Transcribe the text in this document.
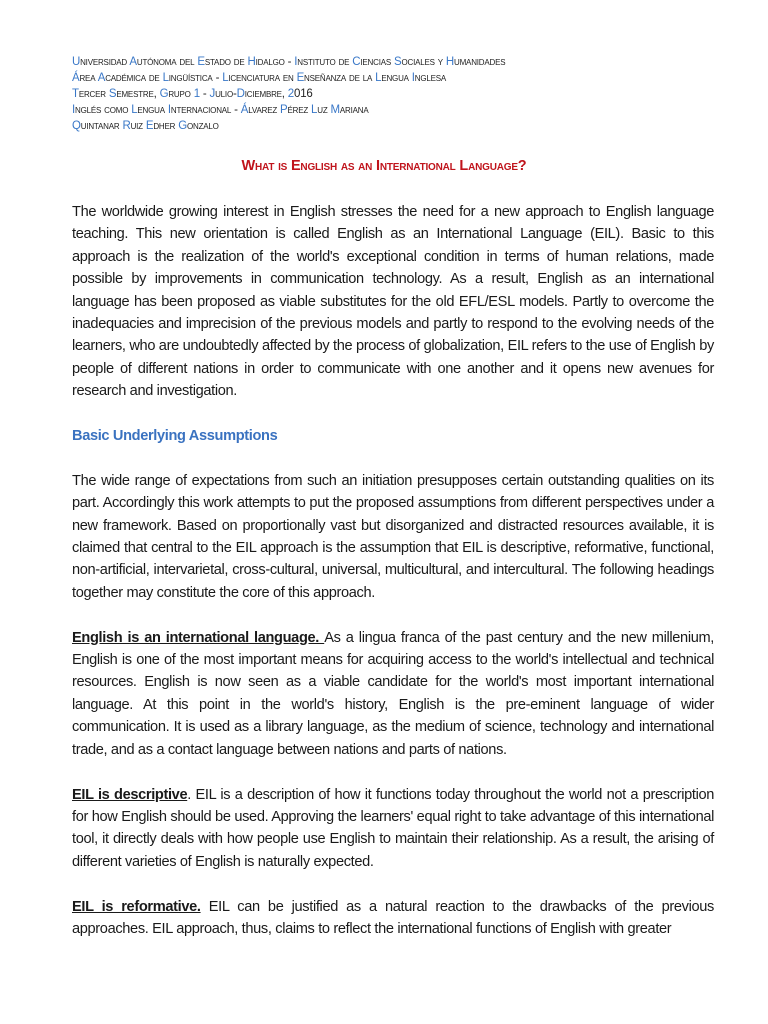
Universidad Autónoma del Estado de Hidalgo - Instituto de Ciencias Sociales y Humanidades
Área Académica de Lingüística - Licenciatura en Enseñanza de la Lengua Inglesa
Tercer Semestre, Grupo 1 - Julio-Diciembre, 2016
Inglés como Lengua Internacional - Álvarez Pérez Luz Mariana
Quintanar Ruiz Edher Gonzalo
What is English as an International Language?

The worldwide growing interest in English stresses the need for a new approach to English language teaching. This new orientation is called English as an International Language (EIL). Basic to this approach is the realization of the world's exceptional condition in terms of human relations, made possible by improvements in communication technology. As a result, English as an international language has been proposed as viable substitutes for the old EFL/ESL models. Partly to overcome the inadequacies and imprecision of the previous models and partly to respond to the evolving needs of the learners, who are undoubtedly affected by the process of globalization, EIL refers to the use of English by people of different nations in order to communicate with one another and it opens new avenues for research and investigation.

Basic Underlying Assumptions

The wide range of expectations from such an initiation presupposes certain outstanding qualities on its part. Accordingly this work attempts to put the proposed assumptions from different perspectives under a new framework. Based on proportionally vast but disorganized and distracted resources available, it is claimed that central to the EIL approach is the assumption that EIL is descriptive, reformative, functional, non-artificial, intervarietal, cross-cultural, universal, multicultural, and intercultural. The following headings together may constitute the core of this approach.

English is an international language. As a lingua franca of the past century and the new millenium, English is one of the most important means for acquiring access to the world's intellectual and technical resources. English is now seen as a viable candidate for the world's most important international language. At this point in the world's history, English is the pre-eminent language of wider communication. It is used as a library language, as the medium of science, technology and international trade, and as a contact language between nations and parts of nations.

EIL is descriptive. EIL is a description of how it functions today throughout the world not a prescription for how English should be used. Approving the learners' equal right to take advantage of this international tool, it directly deals with how people use English to maintain their relationship. As a result, the arising of different varieties of English is naturally expected.

EIL is reformative. EIL can be justified as a natural reaction to the drawbacks of the previous approaches. EIL approach, thus, claims to reflect the international functions of English with greater
